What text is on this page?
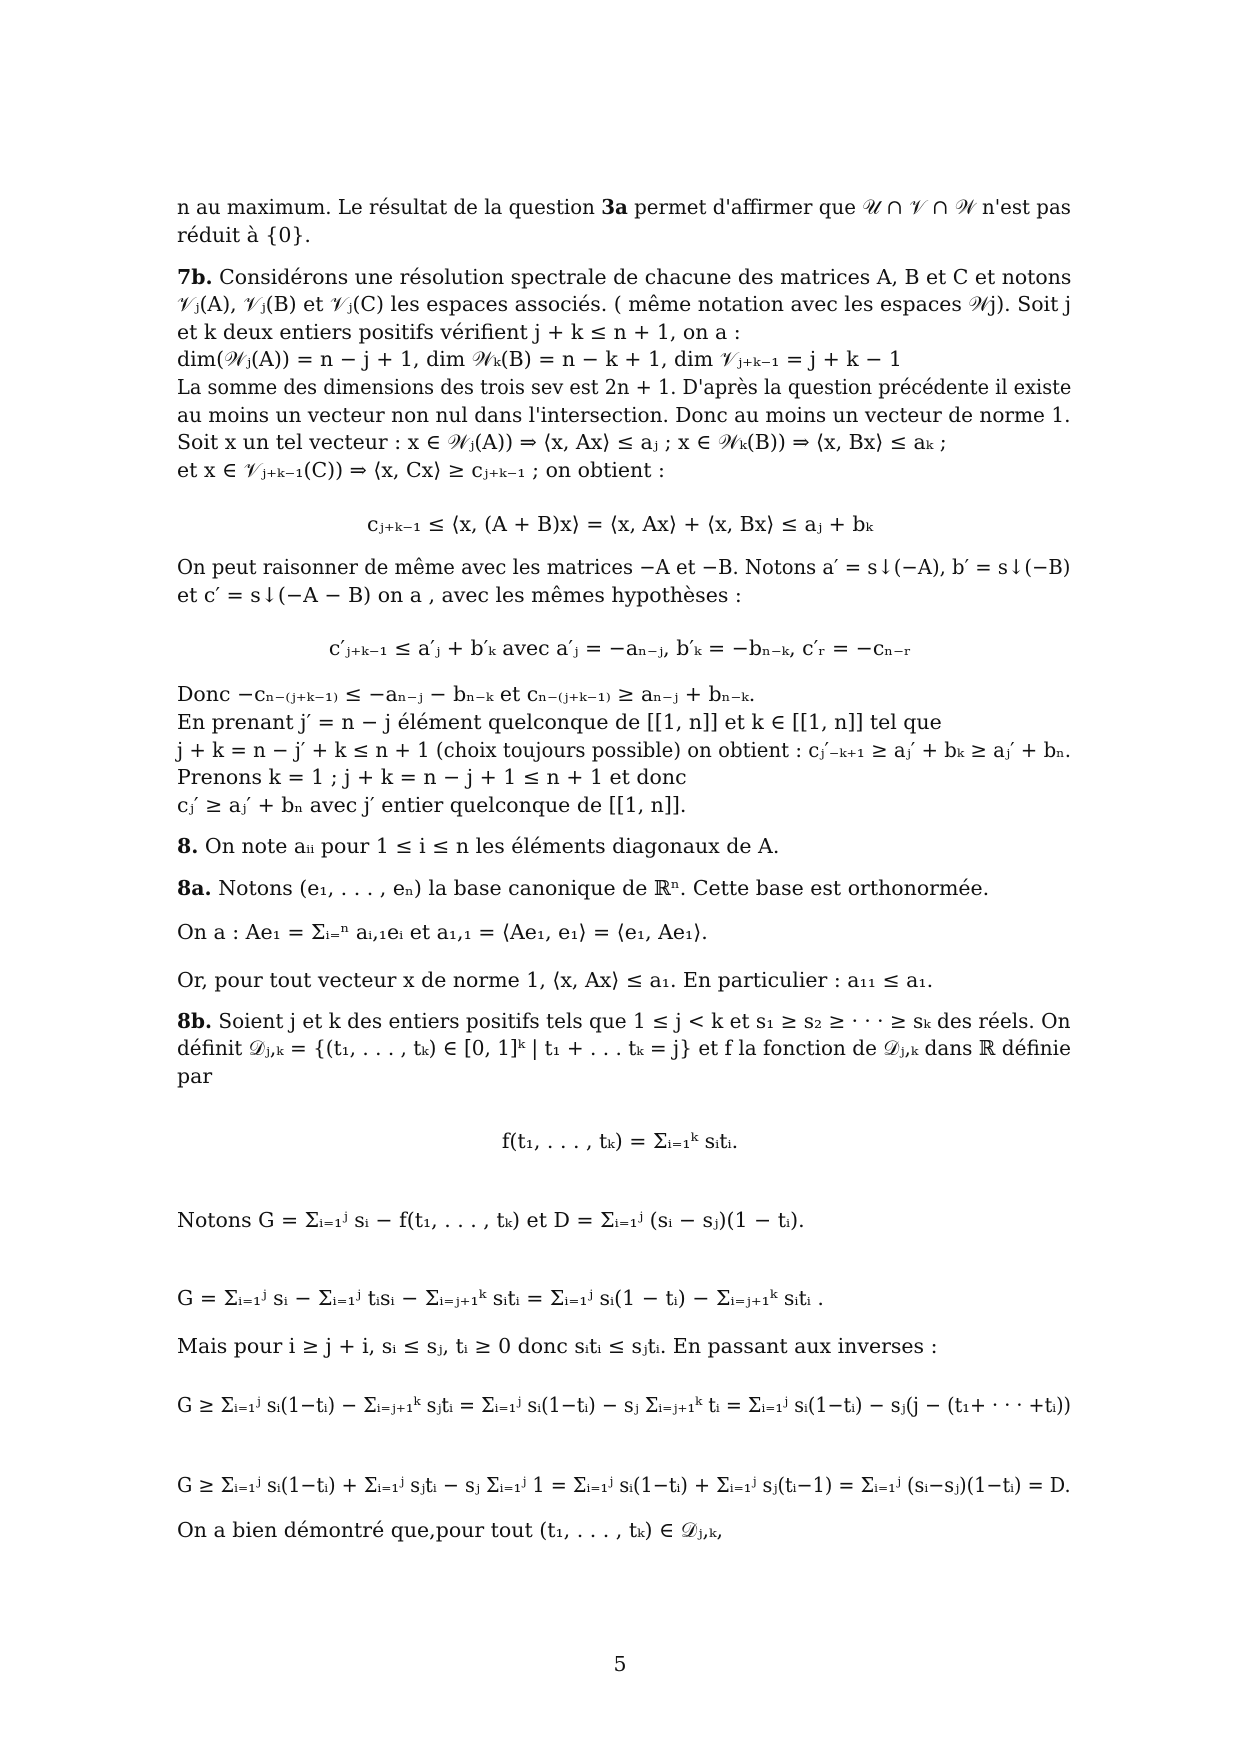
n au maximum. Le résultat de la question 3a permet d'affirmer que 𝒰 ∩ 𝒱 ∩ 𝒲 n'est pas
réduit à {0}.
7b. Considérons une résolution spectrale de chacune des matrices A, B et C et notons
𝒱ⱼ(A), 𝒱ⱼ(B) et 𝒱ⱼ(C) les espaces associés. ( même notation avec les espaces 𝒲j). Soit j
et k deux entiers positifs vérifient j + k ≤ n + 1, on a :
dim(𝒲ⱼ(A)) = n − j + 1, dim 𝒲ₖ(B) = n − k + 1, dim 𝒱ⱼ₊ₖ₋₁ = j + k − 1
La somme des dimensions des trois sev est 2n + 1. D'après la question précédente il existe
au moins un vecteur non nul dans l'intersection. Donc au moins un vecteur de norme 1.
Soit x un tel vecteur : x ∈ 𝒲ⱼ(A)) ⇒ ⟨x, Ax⟩ ≤ aⱼ ; x ∈ 𝒲ₖ(B)) ⇒ ⟨x, Bx⟩ ≤ aₖ ;
et x ∈ 𝒱ⱼ₊ₖ₋₁(C)) ⇒ ⟨x, Cx⟩ ≥ cⱼ₊ₖ₋₁ ; on obtient :
On peut raisonner de même avec les matrices −A et −B. Notons a′ = s↓(−A), b′ = s↓(−B)
et c′ = s↓(−A − B) on a , avec les mêmes hypothèses :
Donc −cₙ₋₍ⱼ₊ₖ₋₁₎ ≤ −aₙ₋ⱼ − bₙ₋ₖ et cₙ₋₍ⱼ₊ₖ₋₁₎ ≥ aₙ₋ⱼ + bₙ₋ₖ.
En prenant j′ = n − j élément quelconque de [[1, n]] et k ∈ [[1, n]] tel que
j + k = n − j′ + k ≤ n + 1 (choix toujours possible) on obtient : cⱼ′₋ₖ₊₁ ≥ aⱼ′ + bₖ ≥ aⱼ′ + bₙ.
Prenons k = 1 ; j + k = n − j + 1 ≤ n + 1 et donc
cⱼ′ ≥ aⱼ′ + bₙ avec j′ entier quelconque de [[1, n]].
8. On note aᵢᵢ pour 1 ≤ i ≤ n les éléments diagonaux de A.
8a. Notons (e₁, . . . , eₙ) la base canonique de ℝⁿ. Cette base est orthonormée.
On a : Ae₁ = Σᵢ₌ⁿ aᵢ,₁eᵢ et a₁,₁ = ⟨Ae₁, e₁⟩ = ⟨e₁, Ae₁⟩.
Or, pour tout vecteur x de norme 1, ⟨x, Ax⟩ ≤ a₁. En particulier : a₁₁ ≤ a₁.
8b. Soient j et k des entiers positifs tels que 1 ≤ j < k et s₁ ≥ s₂ ≥ · · · ≥ sₖ des réels. On
définit 𝒟ⱼ,ₖ = {(t₁, . . . , tₖ) ∈ [0, 1]ᵏ | t₁ + . . . tₖ = j} et f la fonction de 𝒟ⱼ,ₖ dans ℝ définie
par
Notons G = Σᵢ₌₁ʲ sᵢ − f(t₁, . . . , tₖ) et D = Σᵢ₌₁ʲ (sᵢ − sⱼ)(1 − tᵢ).
G = Σᵢ₌₁ʲ sᵢ − Σᵢ₌₁ʲ tᵢsᵢ − Σᵢ₌ⱼ₊₁ᵏ sᵢtᵢ = Σᵢ₌₁ʲ sᵢ(1 − tᵢ) − Σᵢ₌ⱼ₊₁ᵏ sᵢtᵢ .
Mais pour i ≥ j + i, sᵢ ≤ sⱼ, tᵢ ≥ 0 donc sᵢtᵢ ≤ sⱼtᵢ. En passant aux inverses :
G ≥ Σᵢ₌₁ʲ sᵢ(1−tᵢ) − Σᵢ₌ⱼ₊₁ᵏ sⱼtᵢ = Σᵢ₌₁ʲ sᵢ(1−tᵢ) − sⱼ Σᵢ₌ⱼ₊₁ᵏ tᵢ = Σᵢ₌₁ʲ sᵢ(1−tᵢ) − sⱼ(j − (t₁+ · · · +tᵢ))
G ≥ Σᵢ₌₁ʲ sᵢ(1−tᵢ) + Σᵢ₌₁ʲ sⱼtᵢ − sⱼ Σᵢ₌₁ʲ 1 = Σᵢ₌₁ʲ sᵢ(1−tᵢ) + Σᵢ₌₁ʲ sⱼ(tᵢ−1) = Σᵢ₌₁ʲ (sᵢ−sⱼ)(1−tᵢ) = D.
On a bien démontré que,pour tout (t₁, . . . , tₖ) ∈ 𝒟ⱼ,ₖ,
cⱼ₊ₖ₋₁ ≤ ⟨x, (A + B)x⟩ = ⟨x, Ax⟩ + ⟨x, Bx⟩ ≤ aⱼ + bₖ
c′ⱼ₊ₖ₋₁ ≤ a′ⱼ + b′ₖ avec a′ⱼ = −aₙ₋ⱼ, b′ₖ = −bₙ₋ₖ, c′ᵣ = −cₙ₋ᵣ
f(t₁, . . . , tₖ) = Σᵢ₌₁ᵏ sᵢtᵢ.
5
